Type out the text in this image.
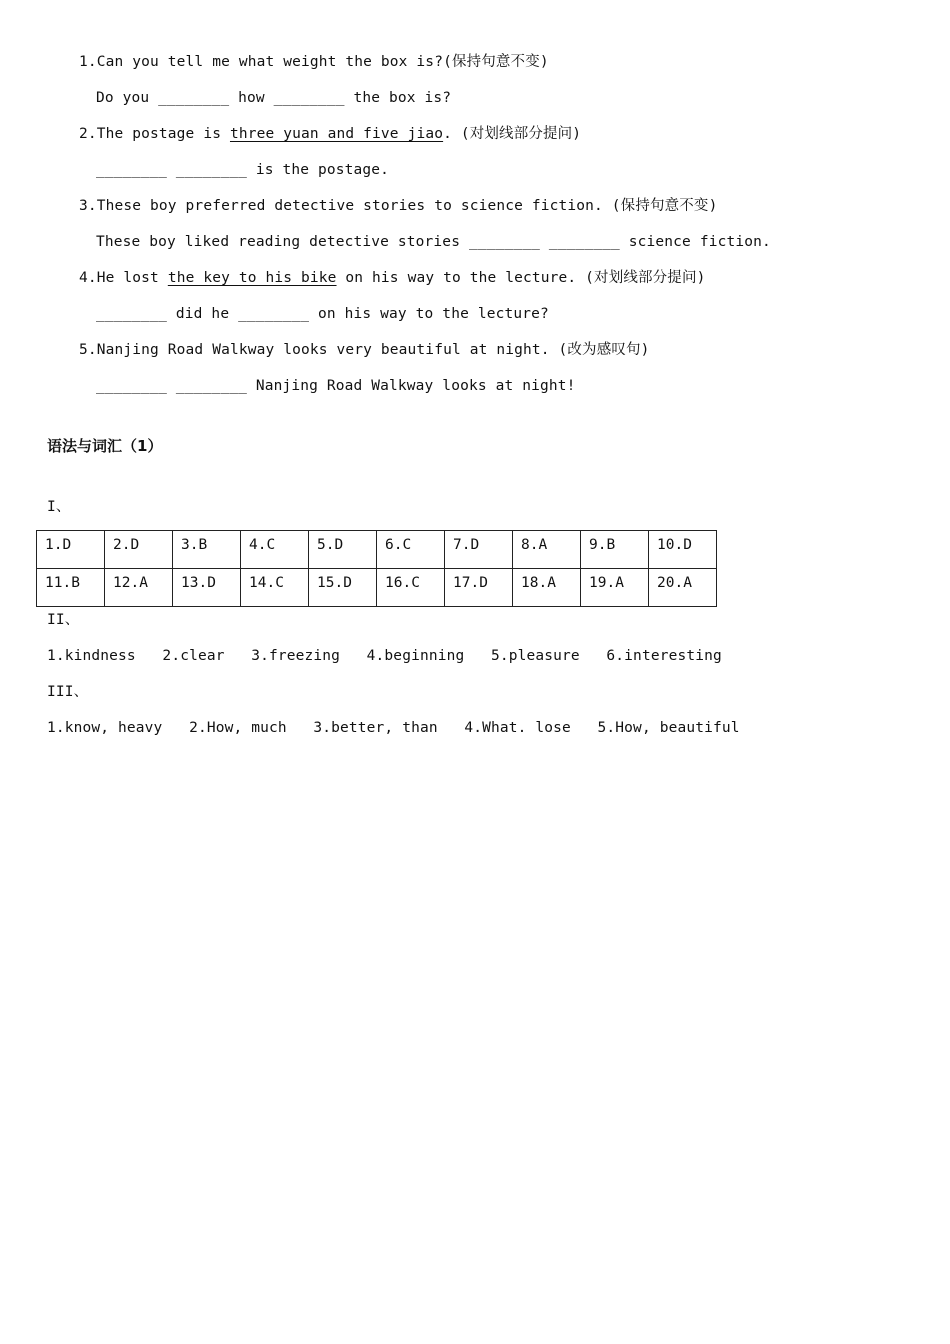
1.Can you tell me what weight the box is?(保持句意不变)
Do you ________ how ________ the box is?
2.The postage is three yuan and five jiao. (对划线部分提问)
________ ________ is the postage.
3.These boy preferred detective stories to science fiction. (保持句意不变)
These boy liked reading detective stories ________ ________ science fiction.
4.He lost the key to his bike on his way to the lecture. (对划线部分提问)
________ did he ________ on his way to the lecture?
5.Nanjing Road Walkway looks very beautiful at night. (改为感叹句)
________ ________ Nanjing Road Walkway looks at night!
语法与词汇（1）
I、
1.D	2.D	3.B	4.C	5.D	6.C	7.D	8.A	9.B	10.D
11.B	12.A	13.D	14.C	15.D	16.C	17.D	18.A	19.A	20.A
II、
1.kindness   2.clear   3.freezing   4.beginning   5.pleasure   6.interesting
III、
1.know, heavy   2.How, much   3.better, than   4.What. lose   5.How, beautiful
